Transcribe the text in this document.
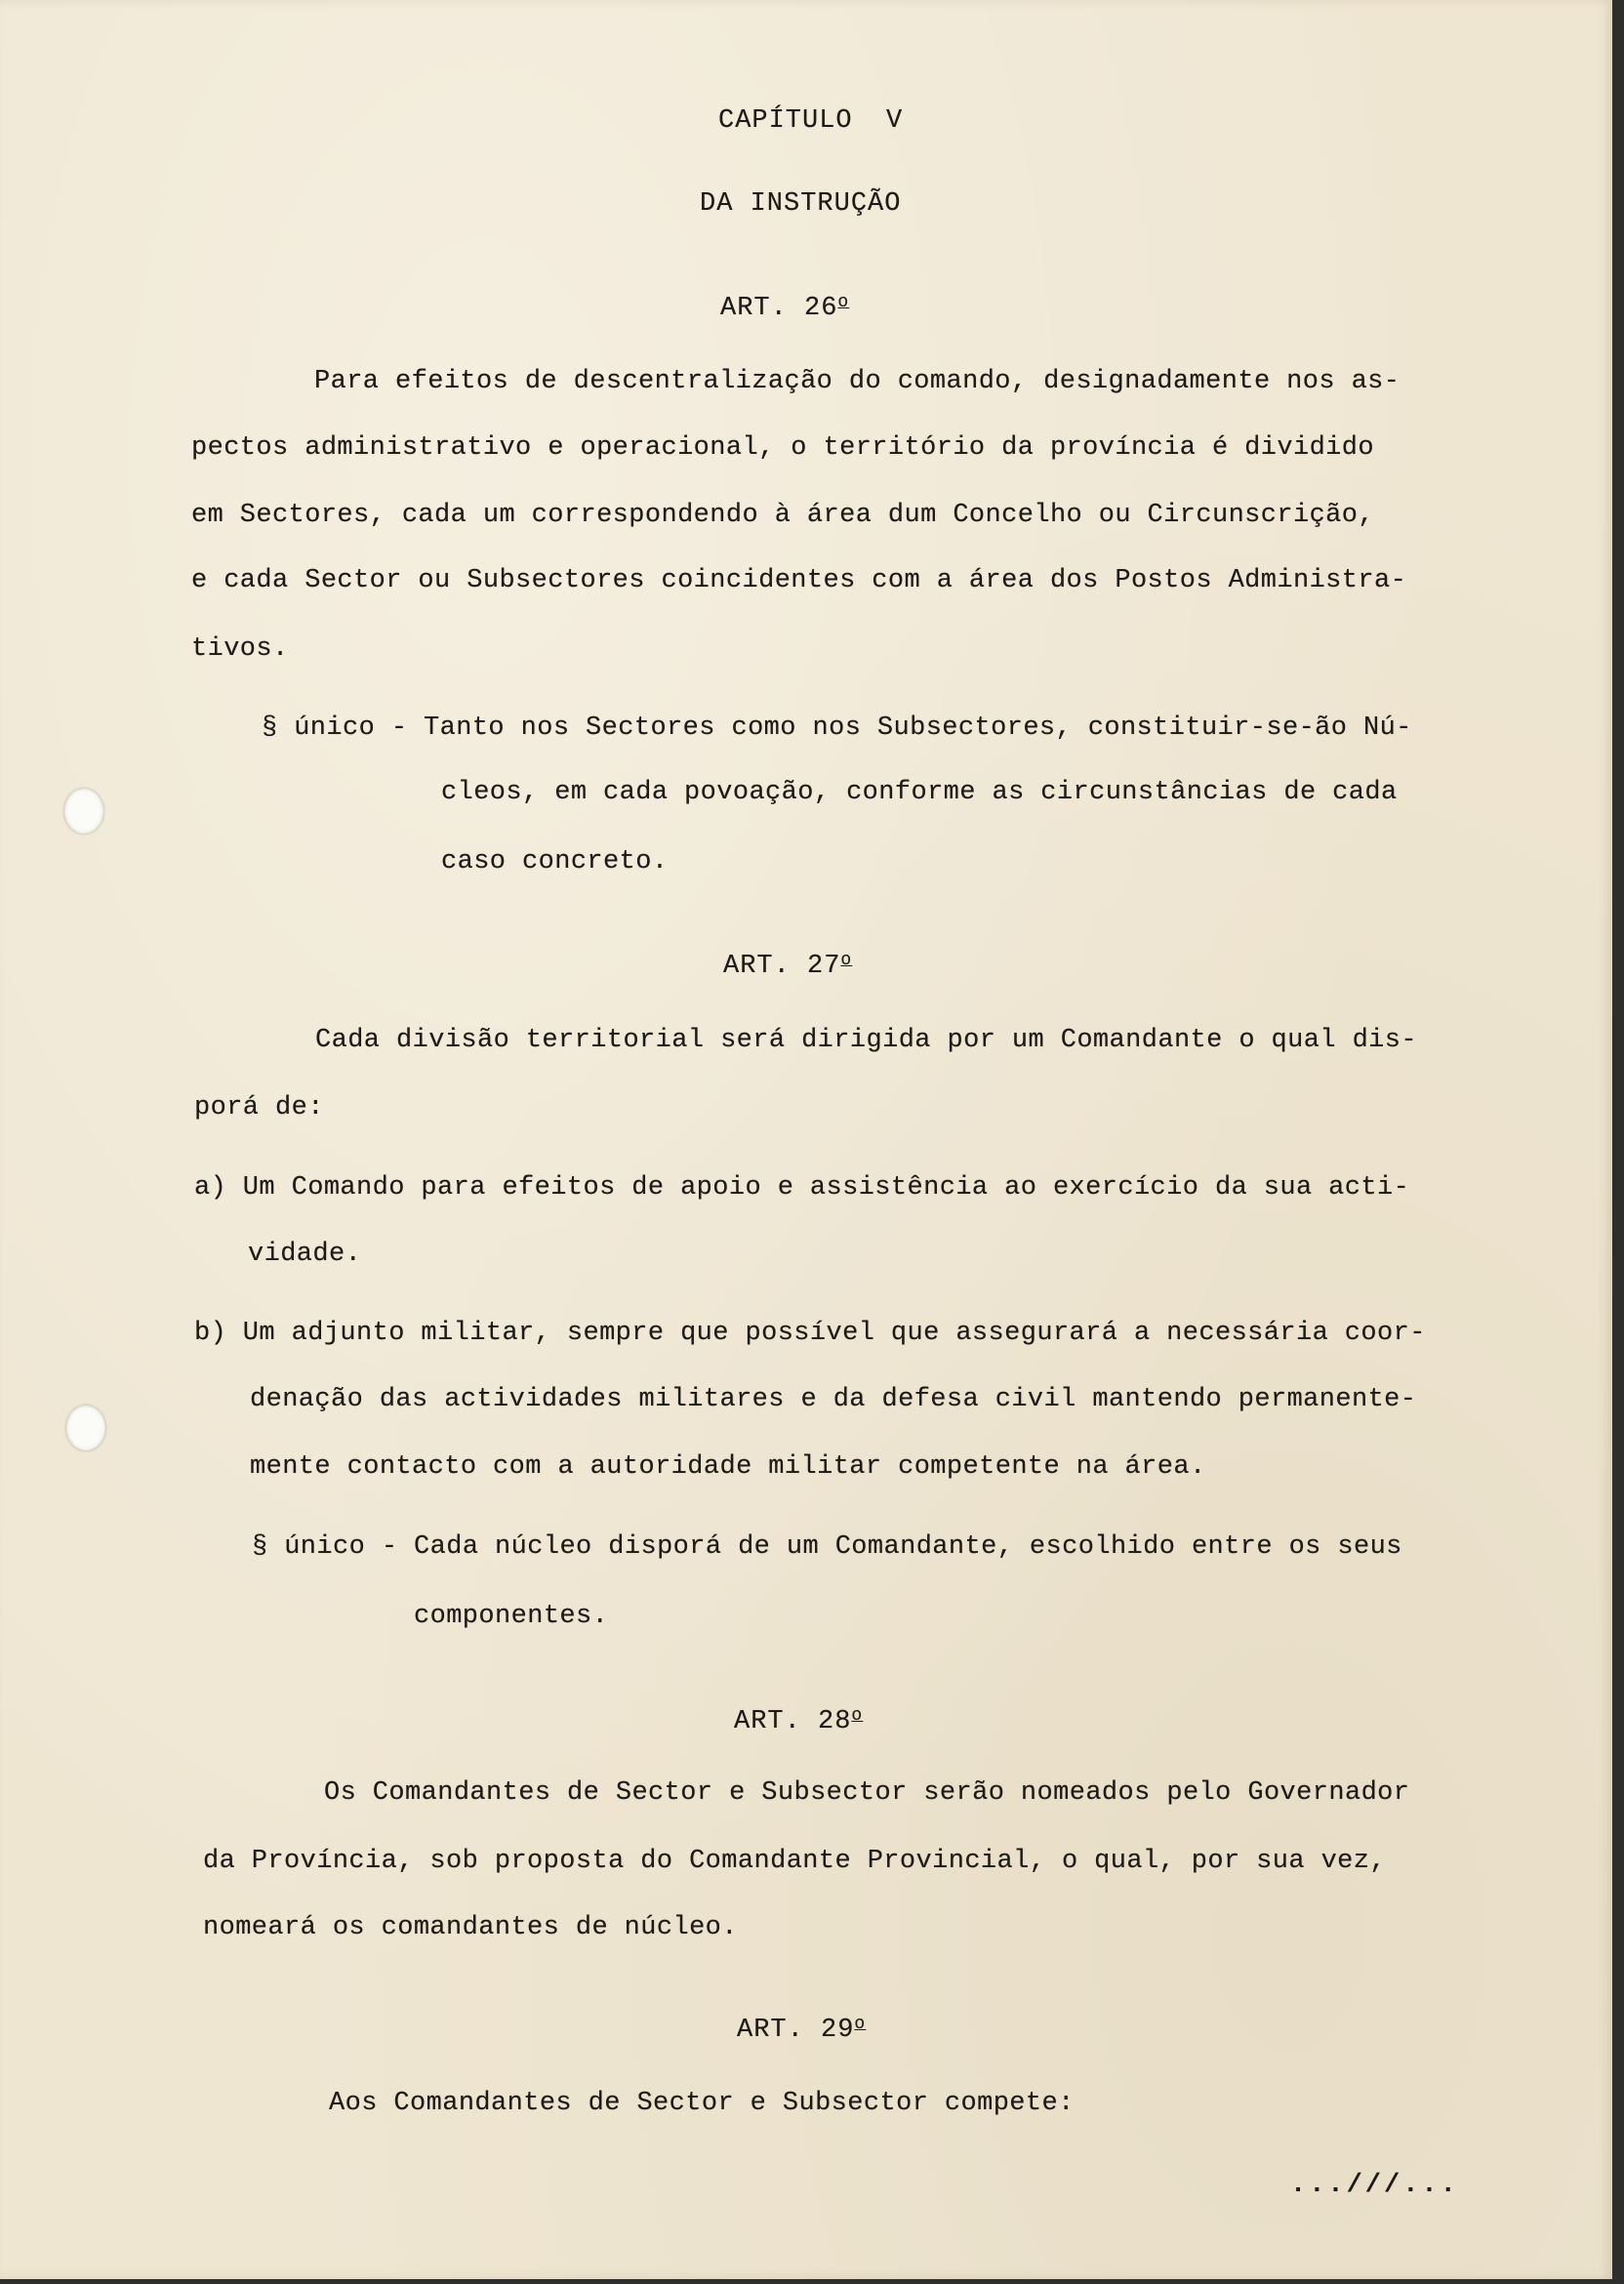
CAPÍTULO  V

DA INSTRUÇÃO

ART. 26$^o$

Para efeitos de descentralização do comando, designadamente nos as-

pectos administrativo e operacional, o território da província é dividido

em Sectores, cada um correspondendo à área dum Concelho ou Circunscrição,

e cada Sector ou Subsectores coincidentes com a área dos Postos Administra-

tivos.

§ único - Tanto nos Sectores como nos Subsectores, constituir-se-ão Nú-

cleos, em cada povoação, conforme as circunstâncias de cada

caso concreto.

ART. 27$^o$

Cada divisão territorial será dirigida por um Comandante o qual dis-

porá de:

a) Um Comando para efeitos de apoio e assistência ao exercício da sua acti-

vidade.

b) Um adjunto militar, sempre que possível que assegurará a necessária coor-

denação das actividades militares e da defesa civil mantendo permanente-

mente contacto com a autoridade militar competente na área.

§ único - Cada núcleo disporá de um Comandante, escolhido entre os seus

componentes.

ART. 28$^o$

Os Comandantes de Sector e Subsector serão nomeados pelo Governador

da Província, sob proposta do Comandante Provincial, o qual, por sua vez,

nomeará os comandantes de núcleo.

ART. 29$^o$

Aos Comandantes de Sector e Subsector compete:

...///...
